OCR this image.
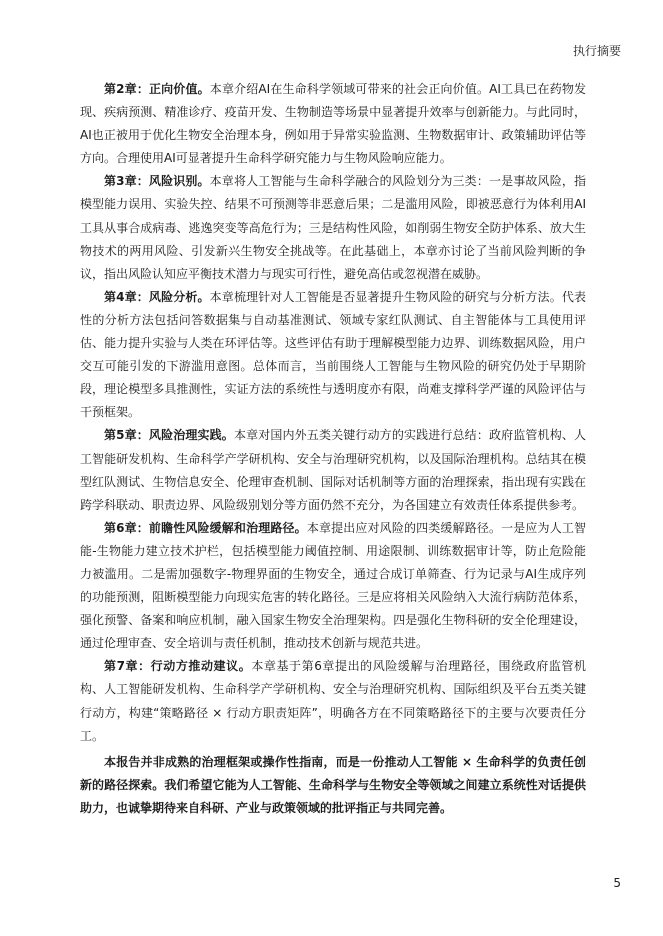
执行摘要

第2章：正向价值。本章介绍AI在生命科学领域可带来的社会正向价值。AI工具已在药物发现、疾病预测、精准诊疗、疫苗开发、生物制造等场景中显著提升效率与创新能力。与此同时，AI也正被用于优化生物安全治理本身，例如用于异常实验监测、生物数据审计、政策辅助评估等方向。合理使用AI可显著提升生命科学研究能力与生物风险响应能力。

第3章：风险识别。本章将人工智能与生命科学融合的风险划分为三类：一是事故风险，指模型能力误用、实验失控、结果不可预测等非恶意后果；二是滥用风险，即被恶意行为体利用AI工具从事合成病毒、逃逸突变等高危行为；三是结构性风险，如削弱生物安全防护体系、放大生物技术的两用风险、引发新兴生物安全挑战等。在此基础上，本章亦讨论了当前风险判断的争议，指出风险认知应平衡技术潜力与现实可行性，避免高估或忽视潜在威胁。

第4章：风险分析。本章梳理针对人工智能是否显著提升生物风险的研究与分析方法。代表性的分析方法包括问答数据集与自动基准测试、领域专家红队测试、自主智能体与工具使用评估、能力提升实验与人类在环评估等。这些评估有助于理解模型能力边界、训练数据风险，用户交互可能引发的下游滥用意图。总体而言，当前围绕人工智能与生物风险的研究仍处于早期阶段，理论模型多具推测性，实证方法的系统性与透明度亦有限，尚难支撑科学严谨的风险评估与干预框架。

第5章：风险治理实践。本章对国内外五类关键行动方的实践进行总结：政府监管机构、人工智能研发机构、生命科学产学研机构、安全与治理研究机构，以及国际治理机构。总结其在模型红队测试、生物信息安全、伦理审查机制、国际对话机制等方面的治理探索，指出现有实践在跨学科联动、职责边界、风险级别划分等方面仍然不充分，为各国建立有效责任体系提供参考。

第6章：前瞻性风险缓解和治理路径。本章提出应对风险的四类缓解路径。一是应为人工智能-生物能力建立技术护栏，包括模型能力阈值控制、用途限制、训练数据审计等，防止危险能力被滥用。二是需加强数字-物理界面的生物安全，通过合成订单筛查、行为记录与AI生成序列的功能预测，阻断模型能力向现实危害的转化路径。三是应将相关风险纳入大流行病防范体系，强化预警、备案和响应机制，融入国家生物安全治理架构。四是强化生物科研的安全伦理建设，通过伦理审查、安全培训与责任机制，推动技术创新与规范共进。

第7章：行动方推动建议。本章基于第6章提出的风险缓解与治理路径，围绕政府监管机构、人工智能研发机构、生命科学产学研机构、安全与治理研究机构、国际组织及平台五类关键行动方，构建“策略路径 × 行动方职责矩阵”，明确各方在不同策略路径下的主要与次要责任分工。

本报告并非成熟的治理框架或操作性指南，而是一份推动人工智能 × 生命科学的负责任创新的路径探索。我们希望它能为人工智能、生命科学与生物安全等领域之间建立系统性对话提供助力，也诚挚期待来自科研、产业与政策领域的批评指正与共同完善。

5
